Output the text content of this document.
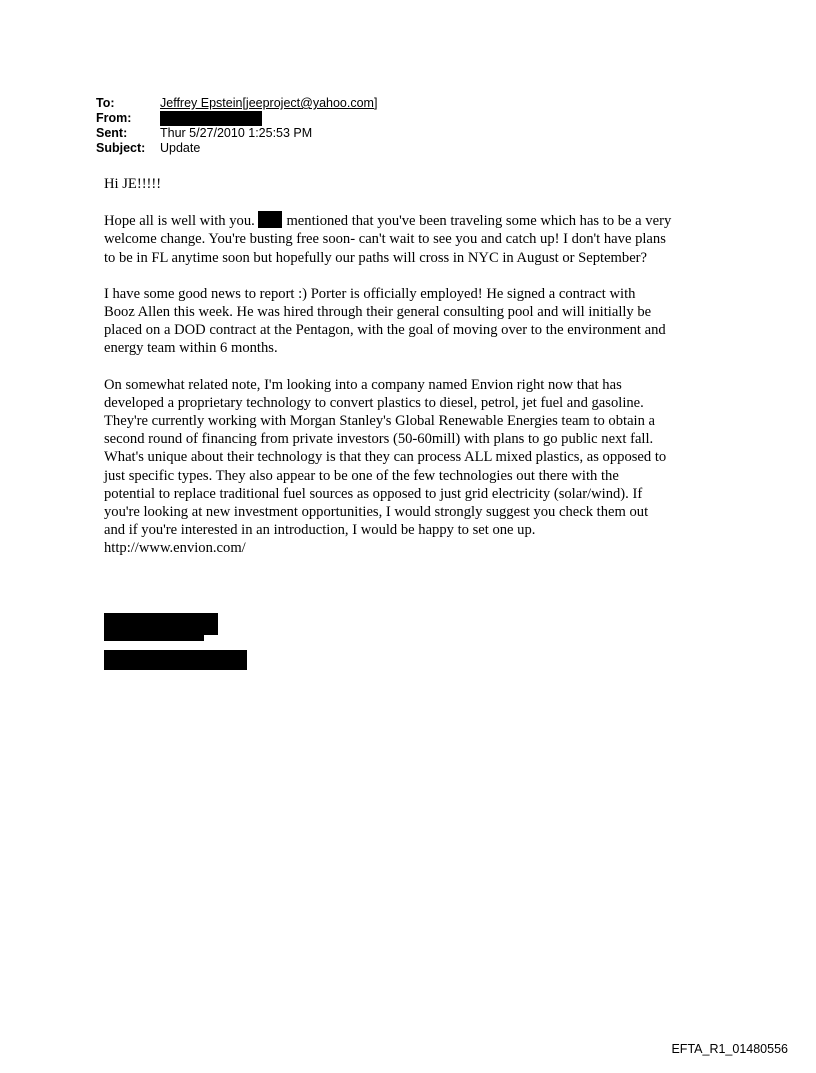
To:	Jeffrey Epstein[jeeproject@yahoo.com]
From:
Sent:	Thur 5/27/2010 1:25:53 PM
Subject:	Update

Hi JE!!!!!

Hope all is well with you. mentioned that you've been traveling some which has to be a very
welcome change. You're busting free soon- can't wait to see you and catch up! I don't have plans
to be in FL anytime soon but hopefully our paths will cross in NYC in August or September?

I have some good news to report :) Porter is officially employed! He signed a contract with
Booz Allen this week. He was hired through their general consulting pool and will initially be
placed on a DOD contract at the Pentagon, with the goal of moving over to the environment and
energy team within 6 months.

On somewhat related note, I'm looking into a company named Envion right now that has
developed a proprietary technology to convert plastics to diesel, petrol, jet fuel and gasoline.
They're currently working with Morgan Stanley's Global Renewable Energies team to obtain a
second round of financing from private investors (50-60mill) with plans to go public next fall.
What's unique about their technology is that they can process ALL mixed plastics, as opposed to
just specific types. They also appear to be one of the few technologies out there with the
potential to replace traditional fuel sources as opposed to just grid electricity (solar/wind). If
you're looking at new investment opportunities, I would strongly suggest you check them out
and if you're interested in an introduction, I would be happy to set one up.
http://www.envion.com/

EFTA_R1_01480556
